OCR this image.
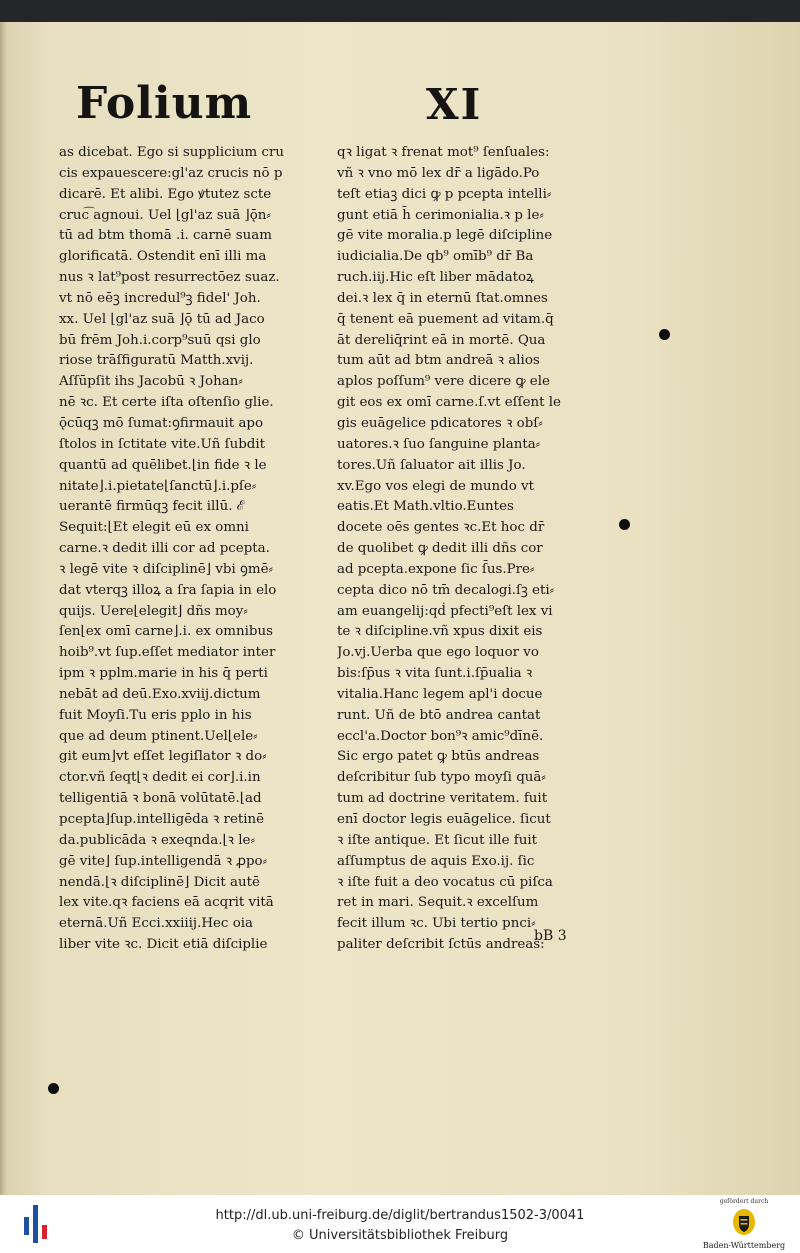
Folium	XI
as dicebat. Ego si supplicium cru
cis expauescere:gl'az crucis nō p
dicarē. Et alibi. Ego ꝟtutez scte
cruc͡ agnoui. Uel ⌊gl'az suā ⌋ǭn⸗
tū ad btm thomā .i. carnē suam
glorificatā. Ostendit enī illi ma
nus ꝛ lat⁹post resurrectōez suaz.
vt nō eēꝫ incredul⁹ꝫ fidel' Joh.
xx. Uel ⌊gl'az suā ⌋ǭ tū ad Jaco
bū frēm Joh.i.corp⁹suū qsi glo
riose trāſfiguratū Matth.xvij.
Aſſūpſit ihs Jacobū ꝛ Johan⸗
nē ꝛc. Et certe iſta oſtenſio glie.
ǭcūqꝫ mō ſumat:ꝯfirmauit apo
ſtolos in ſctitate vite.Uñ ſubdit
quantū ad quēlibet.⌊in fide ꝛ le
nitate⌋.i.pietate⌊ſanctū⌋.i.pſe⸗
uerantē firmūqꝫ fecit illū. ℰ
Sequit:⌊Et elegit eū ex omni
carne.ꝛ dedit illi cor ad pcepta.
ꝛ legē vite ꝛ diſciplinē⌋ vbi ꝯmē⸗
dat vterqꝫ illoꝝ a ſra ſapia in elo
quijs. Uere⌊elegit⌋ dñs moy⸗
ſen⌊ex omī carne⌋.i. ex omnibus
hoib⁹.vt ſup.eſſet mediator inter
ipm ꝛ pplm.marie in his q̄ perti
nebāt ad deū.Exo.xviij.dictum
fuit Moyſi.Tu eris pplo in his
que ad deum ptinent.Uel⌊ele⸗
git eum⌋vt eſſet legiſlator ꝛ do⸗
ctor.vñ ſeqt⌊ꝛ dedit ei cor⌋.i.in
telligentiā ꝛ bonā volūtatē.⌊ad
pcepta⌋ſup.intelligēda ꝛ retinē
da.publicāda ꝛ exeqnda.⌊ꝛ le⸗
gē vite⌋ ſup.intelligendā ꝛ ꝓpo⸗
nendā.⌊ꝛ diſciplinē⌋ Dicit autē
lex vite.qꝛ faciens eā acqrit vitā
eternā.Uñ Ecci.xxiiij.Hec oia
liber vite ꝛc. Dicit etiā diſciplie
qꝛ ligat ꝛ frenat mot⁹ ſenſuales:
vñ ꝛ vno mō lex dr̄ a ligādo.Po
teſt etiaꝫ dici ꝙ p pcepta intelli⸗
gunt etiā h̄ cerimonialia.ꝛ p le⸗
gē vite moralia.p legē diſcipline
iudicialia.De qb⁹ omīb⁹ dr̄ Ba
ruch.iij.Hic eſt liber mādatoꝝ
dei.ꝛ lex q̄ in eternū ſtat.omnes
q̄ tenent eā puement ad vitam.q̄
āt dereliq̄rint eā in mortē. Qua
tum aūt ad btm andreā ꝛ alios
aplos poſſum⁹ vere dicere ꝙ ele
git eos ex omī carne.ſ.vt eſſent le
gis euāgelice pdicatores ꝛ obſ⸗
uatores.ꝛ ſuo ſanguine planta⸗
tores.Uñ ſaluator ait illis Jo.
xv.Ego vos elegi de mundo vt
eatis.Et Math.vltio.Euntes
docete oēs gentes ꝛc.Et hoc dr̄
de quolibet ꝙ dedit illi dñs cor
ad pcepta.expone ſic ſ̄us.Pre⸗
cepta dico nō tm̄ decalogi.ſꝫ eti⸗
am euangelij:qḋ pfecti⁹eſt lex vi
te ꝛ diſcipline.vñ xpus dixit eis
Jo.vj.Uerba que ego loquor vo
bis:ſp̄us ꝛ vita ſunt.i.ſp̄ualia ꝛ
vitalia.Hanc legem apl'i docue
runt. Uñ de btō andrea cantat
eccl'a.Doctor bon⁹ꝛ amic⁹dīnē.
Sic ergo patet ꝙ btūs andreas
deſcribitur ſub typo moyſi quā⸗
tum ad doctrine veritatem. fuit
enī doctor legis euāgelice. ſicut
ꝛ iſte antique. Et ſicut ille fuit
aſſumptus de aquis Exo.ij. ſic
ꝛ iſte fuit a deo vocatus cū piſca
ret in mari. Sequit.ꝛ excelſum
fecit illum ꝛc. Ubi tertio pnci⸗
paliter deſcribit ſctūs andreas:
bB 3
http://dl.ub.uni-freiburg.de/diglit/bertrandus1502-3/0041
© Universitätsbibliothek Freiburg
gefördert durch
Baden-Württemberg
